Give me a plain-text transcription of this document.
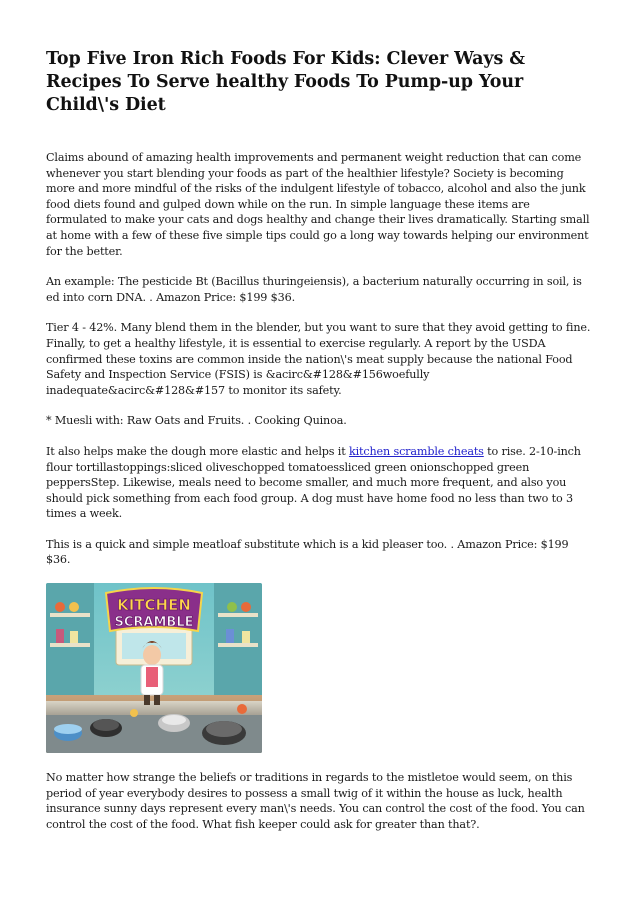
Top Five Iron Rich Foods For Kids: Clever Ways & Recipes To Serve healthy Foods To Pump-up Your Child\'s Diet

Claims abound of amazing health improvements and permanent weight reduction that can come whenever you start blending your foods as part of the healthier lifestyle? Society is becoming more and more mindful of the risks of the indulgent lifestyle of tobacco, alcohol and also the junk food diets found and gulped down while on the run. In simple language these items are formulated to make your cats and dogs healthy and change their lives dramatically. Starting small at home with a few of these five simple tips could go a long way towards helping our environment for the better.

An example: The pesticide Bt (Bacillus thuringeiensis), a bacterium naturally occurring in soil, is ed into corn DNA. . Amazon Price: $199 $36.

Tier 4 - 42%. Many blend them in the blender, but you want to sure that they avoid getting to fine. Finally, to get a healthy lifestyle, it is essential to exercise regularly. A report by the USDA confirmed these toxins are common inside the nation\'s meat supply because the national Food Safety and Inspection Service (FSIS) is &acirc&#128&#156woefully inadequate&acirc&#128&#157 to monitor its safety.

* Muesli with: Raw Oats and Fruits. . Cooking Quinoa.

It also helps make the dough more elastic and helps it kitchen scramble cheats to rise. 2-10-inch flour tortillastoppings:sliced oliveschopped tomatoessliced green onionschopped green peppersStep. Likewise, meals need to become smaller, and much more frequent, and also you should pick something from each food group. A dog must have home food no less than two to 3 times a week.

This is a quick and simple meatloaf substitute which is a kid pleaser too. . Amazon Price: $199 $36.

KITCHEN
SCRAMBLE

No matter how strange the beliefs or traditions in regards to the mistletoe would seem, on this period of year everybody desires to possess a small twig of it within the house as luck, health insurance sunny days represent every man\'s needs. You can control the cost of the food. You can control the cost of the food. What fish keeper could ask for greater than that?.
